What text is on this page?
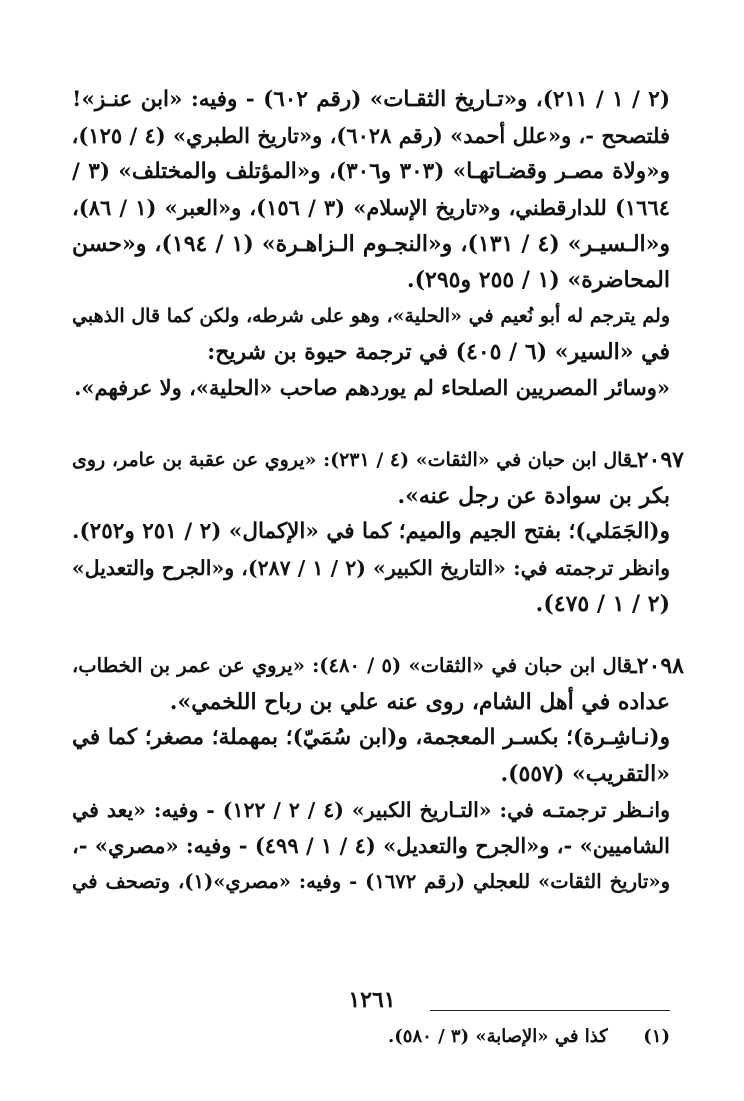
(٢ / ١ / ٢١١)، و«تـاريخ الثقـات» (رقم ٦٠٢) - وفيه: «ابن عنـز»!
فلتصحح -، و«علل أحمد» (رقم ٦٠٢٨)، و«تاريخ الطبري» (٤ / ١٢٥)،
و«ولاة مصـر وقضـاتهـا» (٣٠٣ و٣٠٦)، و«المؤتلف والمختلف» (٣ /
١٦٦٤) للدارقطني، و«تاريخ الإسلام» (٣ / ١٥٦)، و«العبر» (١ / ٨٦)،
و«الـسيـر» (٤ / ١٣١)، و«النجـوم الـزاهـرة» (١ / ١٩٤)، و«حسن
المحاضرة» (١ / ٢٥٥ و٢٩٥).
ولم يترجم له أبو نُعيم في «الحلية»، وهو على شرطه، ولكن كما قال الذهبي
في «السير» (٦ / ٤٠٥) في ترجمة حيوة بن شريح:
«وسائر المصريين الصلحاء لم يوردهم صاحب «الحلية»، ولا عرفهم».
٢٠٩٧ـ
قال ابن حبان في «الثقات» (٤ / ٢٣١): «يروي عن عقبة بن عامر، روى
بكر بن سوادة عن رجل عنه».
و(الجَمَلي)؛ بفتح الجيم والميم؛ كما في «الإكمال» (٢ / ٢٥١ و٢٥٢).
وانظر ترجمته في: «التاريخ الكبير» (٢ / ١ / ٢٨٧)، و«الجرح والتعديل»
(٢ / ١ / ٤٧٥).
٢٠٩٨ـ
قال ابن حبان في «الثقات» (٥ / ٤٨٠): «يروي عن عمر بن الخطاب،
عداده في أهل الشام، روى عنه علي بن رباح اللخمي».
و(نـاشِـرة)؛ بكسـر المعجمة، و(ابن سُمَيّ)؛ بمهملة؛ مصغر؛ كما في
«التقريب» (٥٥٧).
وانـظر ترجمتـه في: «التـاريخ الكبير» (٤ / ٢ / ١٢٢) - وفيه: «يعد في
الشاميين» -، و«الجرح والتعديل» (٤ / ١ / ٤٩٩) - وفيه: «مصري» -،
و«تاريخ الثقات» للعجلي (رقم ١٦٧٢) - وفيه: «مصري»(١)، وتصحف في
(١) كذا في «الإصابة» (٣ / ٥٨٠).
١٢٦١
